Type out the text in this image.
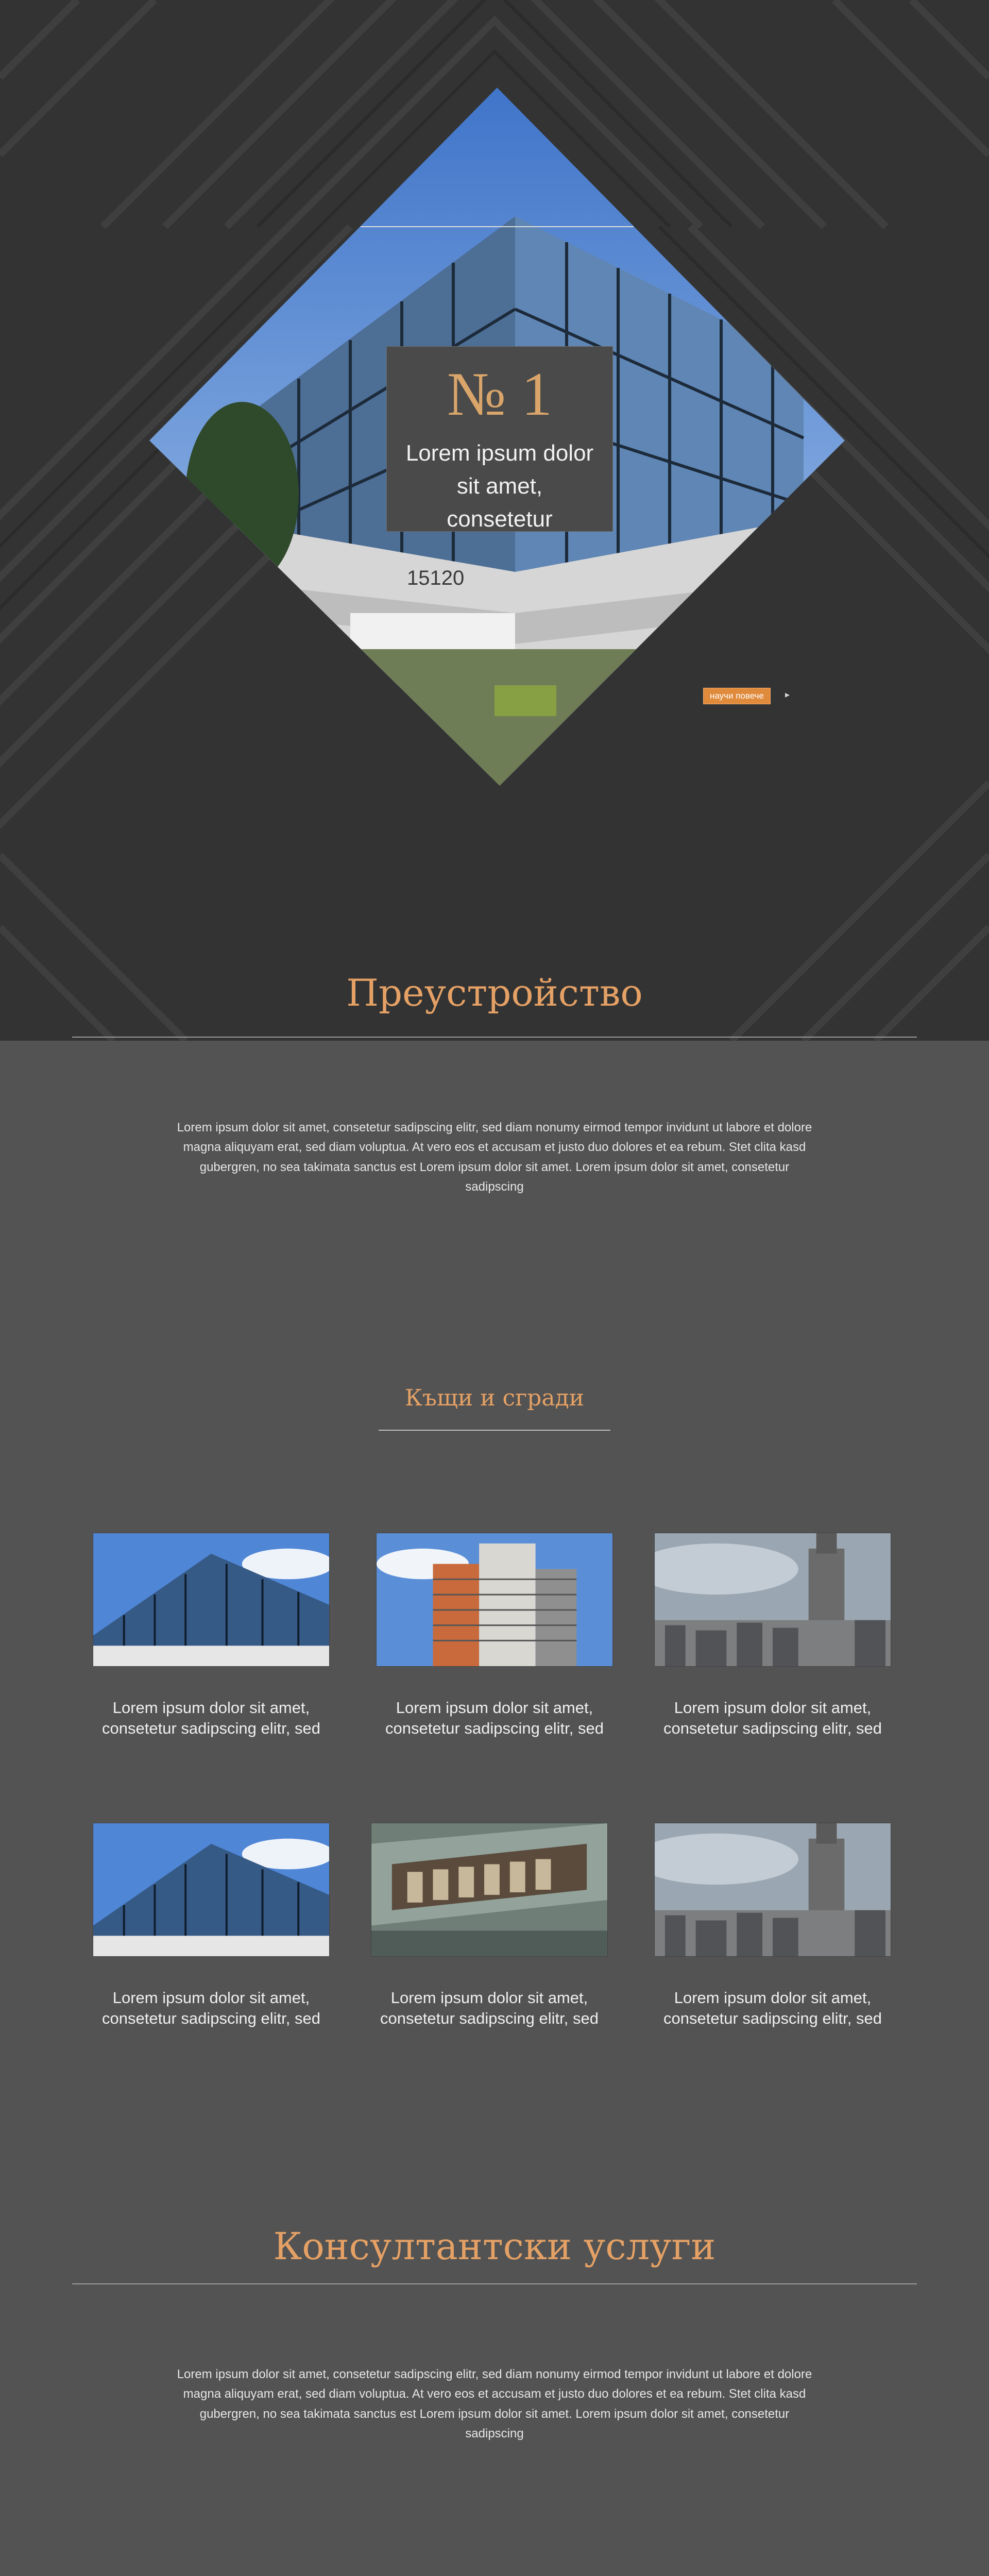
№ 1
Lorem ipsum dolor sit amet, consetetur
15120
научи повече	▸
Преустройство
Lorem ipsum dolor sit amet, consetetur sadipscing elitr, sed diam nonumy eirmod tempor invidunt ut labore et dolore magna aliquyam erat, sed diam voluptua. At vero eos et accusam et justo duo dolores et ea rebum. Stet clita kasd gubergren, no sea takimata sanctus est Lorem ipsum dolor sit amet. Lorem ipsum dolor sit amet, consetetur sadipscing
Къщи и сгради
Lorem ipsum dolor sit amet, consetetur sadipscing elitr, sed
Lorem ipsum dolor sit amet, consetetur sadipscing elitr, sed
Lorem ipsum dolor sit amet, consetetur sadipscing elitr, sed
Lorem ipsum dolor sit amet, consetetur sadipscing elitr, sed
Lorem ipsum dolor sit amet, consetetur sadipscing elitr, sed
Lorem ipsum dolor sit amet, consetetur sadipscing elitr, sed
Консултантски услуги
Lorem ipsum dolor sit amet, consetetur sadipscing elitr, sed diam nonumy eirmod tempor invidunt ut labore et dolore magna aliquyam erat, sed diam voluptua. At vero eos et accusam et justo duo dolores et ea rebum. Stet clita kasd gubergren, no sea takimata sanctus est Lorem ipsum dolor sit amet. Lorem ipsum dolor sit amet, consetetur sadipscing
